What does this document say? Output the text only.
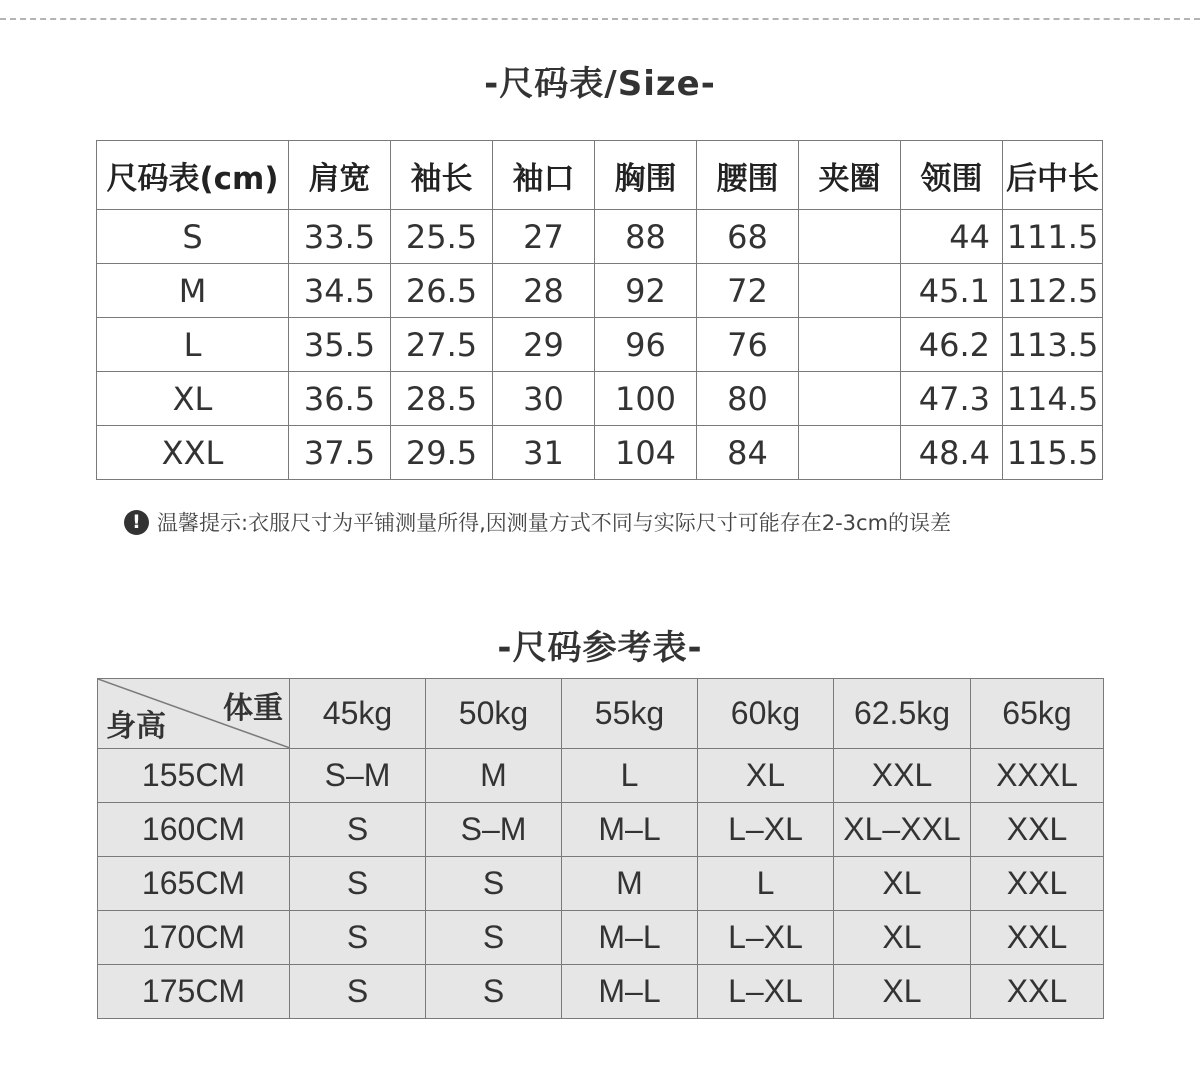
-尺码表/Size-
尺码表(cm)	肩宽	袖长	袖口	胸围	腰围	夹圈	领围	后中长
S	33.5	25.5	27	88	68		44	111.5
M	34.5	26.5	28	92	72		45.1	112.5
L	35.5	27.5	29	96	76		46.2	113.5
XL	36.5	28.5	30	100	80		47.3	114.5
XXL	37.5	29.5	31	104	84		48.4	115.5
! 温馨提示:衣服尺寸为平铺测量所得,因测量方式不同与实际尺寸可能存在2-3cm的误差
-尺码参考表-
体重
身高	45kg	50kg	55kg	60kg	62.5kg	65kg
155CM	S–M	M	L	XL	XXL	XXXL
160CM	S	S–M	M–L	L–XL	XL–XXL	XXL
165CM	S	S	M	L	XL	XXL
170CM	S	S	M–L	L–XL	XL	XXL
175CM	S	S	M–L	L–XL	XL	XXL
